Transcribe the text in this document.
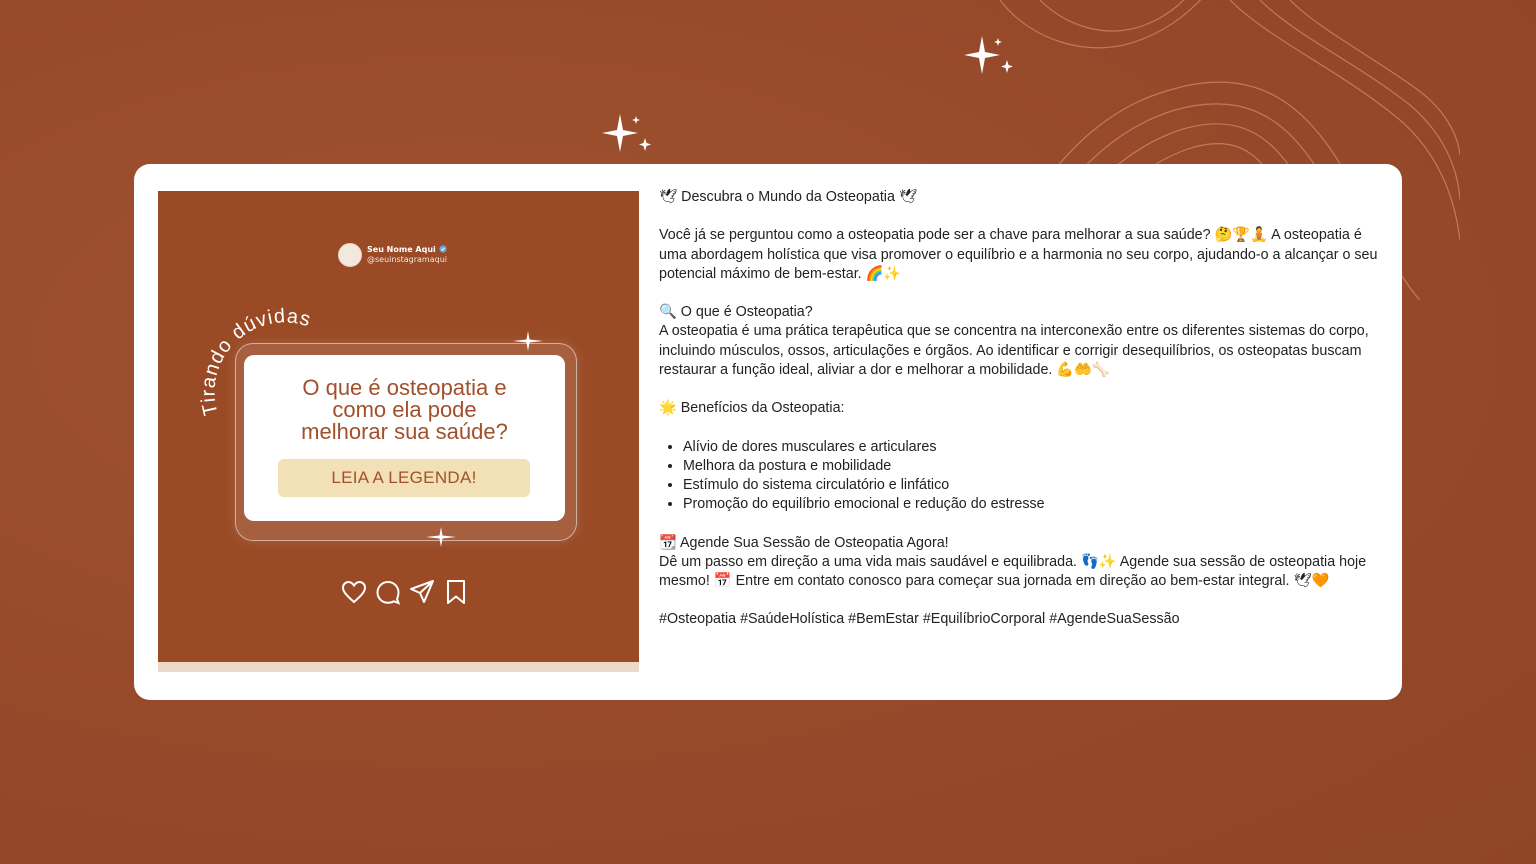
Seu Nome Aqui
@seuinstagramaqui
Tirando dúvidas
O que é osteopatia e
como ela pode
melhorar sua saúde?
LEIA A LEGENDA!

🕊 Descubra o Mundo da Osteopatia 🕊

Você já se perguntou como a osteopatia pode ser a chave para melhorar a sua saúde? 🤔🏆🧘 A osteopatia é uma abordagem holística que visa promover o equilíbrio e a harmonia no seu corpo, ajudando-o a alcançar o seu potencial máximo de bem-estar. 🌈✨

🔍 O que é Osteopatia?

A osteopatia é uma prática terapêutica que se concentra na interconexão entre os diferentes sistemas do corpo, incluindo músculos, ossos, articulações e órgãos. Ao identificar e corrigir desequilíbrios, os osteopatas buscam restaurar a função ideal, aliviar a dor e melhorar a mobilidade. 💪🤲🦴

🌟 Benefícios da Osteopatia:

• Alívio de dores musculares e articulares
• Melhora da postura e mobilidade
• Estímulo do sistema circulatório e linfático
• Promoção do equilíbrio emocional e redução do estresse

📆 Agende Sua Sessão de Osteopatia Agora!

Dê um passo em direção a uma vida mais saudável e equilibrada. 👣✨ Agende sua sessão de osteopatia hoje mesmo! 📅 Entre em contato conosco para começar sua jornada em direção ao bem-estar integral. 🕊🧡

#Osteopatia #SaúdeHolística #BemEstar #EquilíbrioCorporal #AgendeSuaSessão
